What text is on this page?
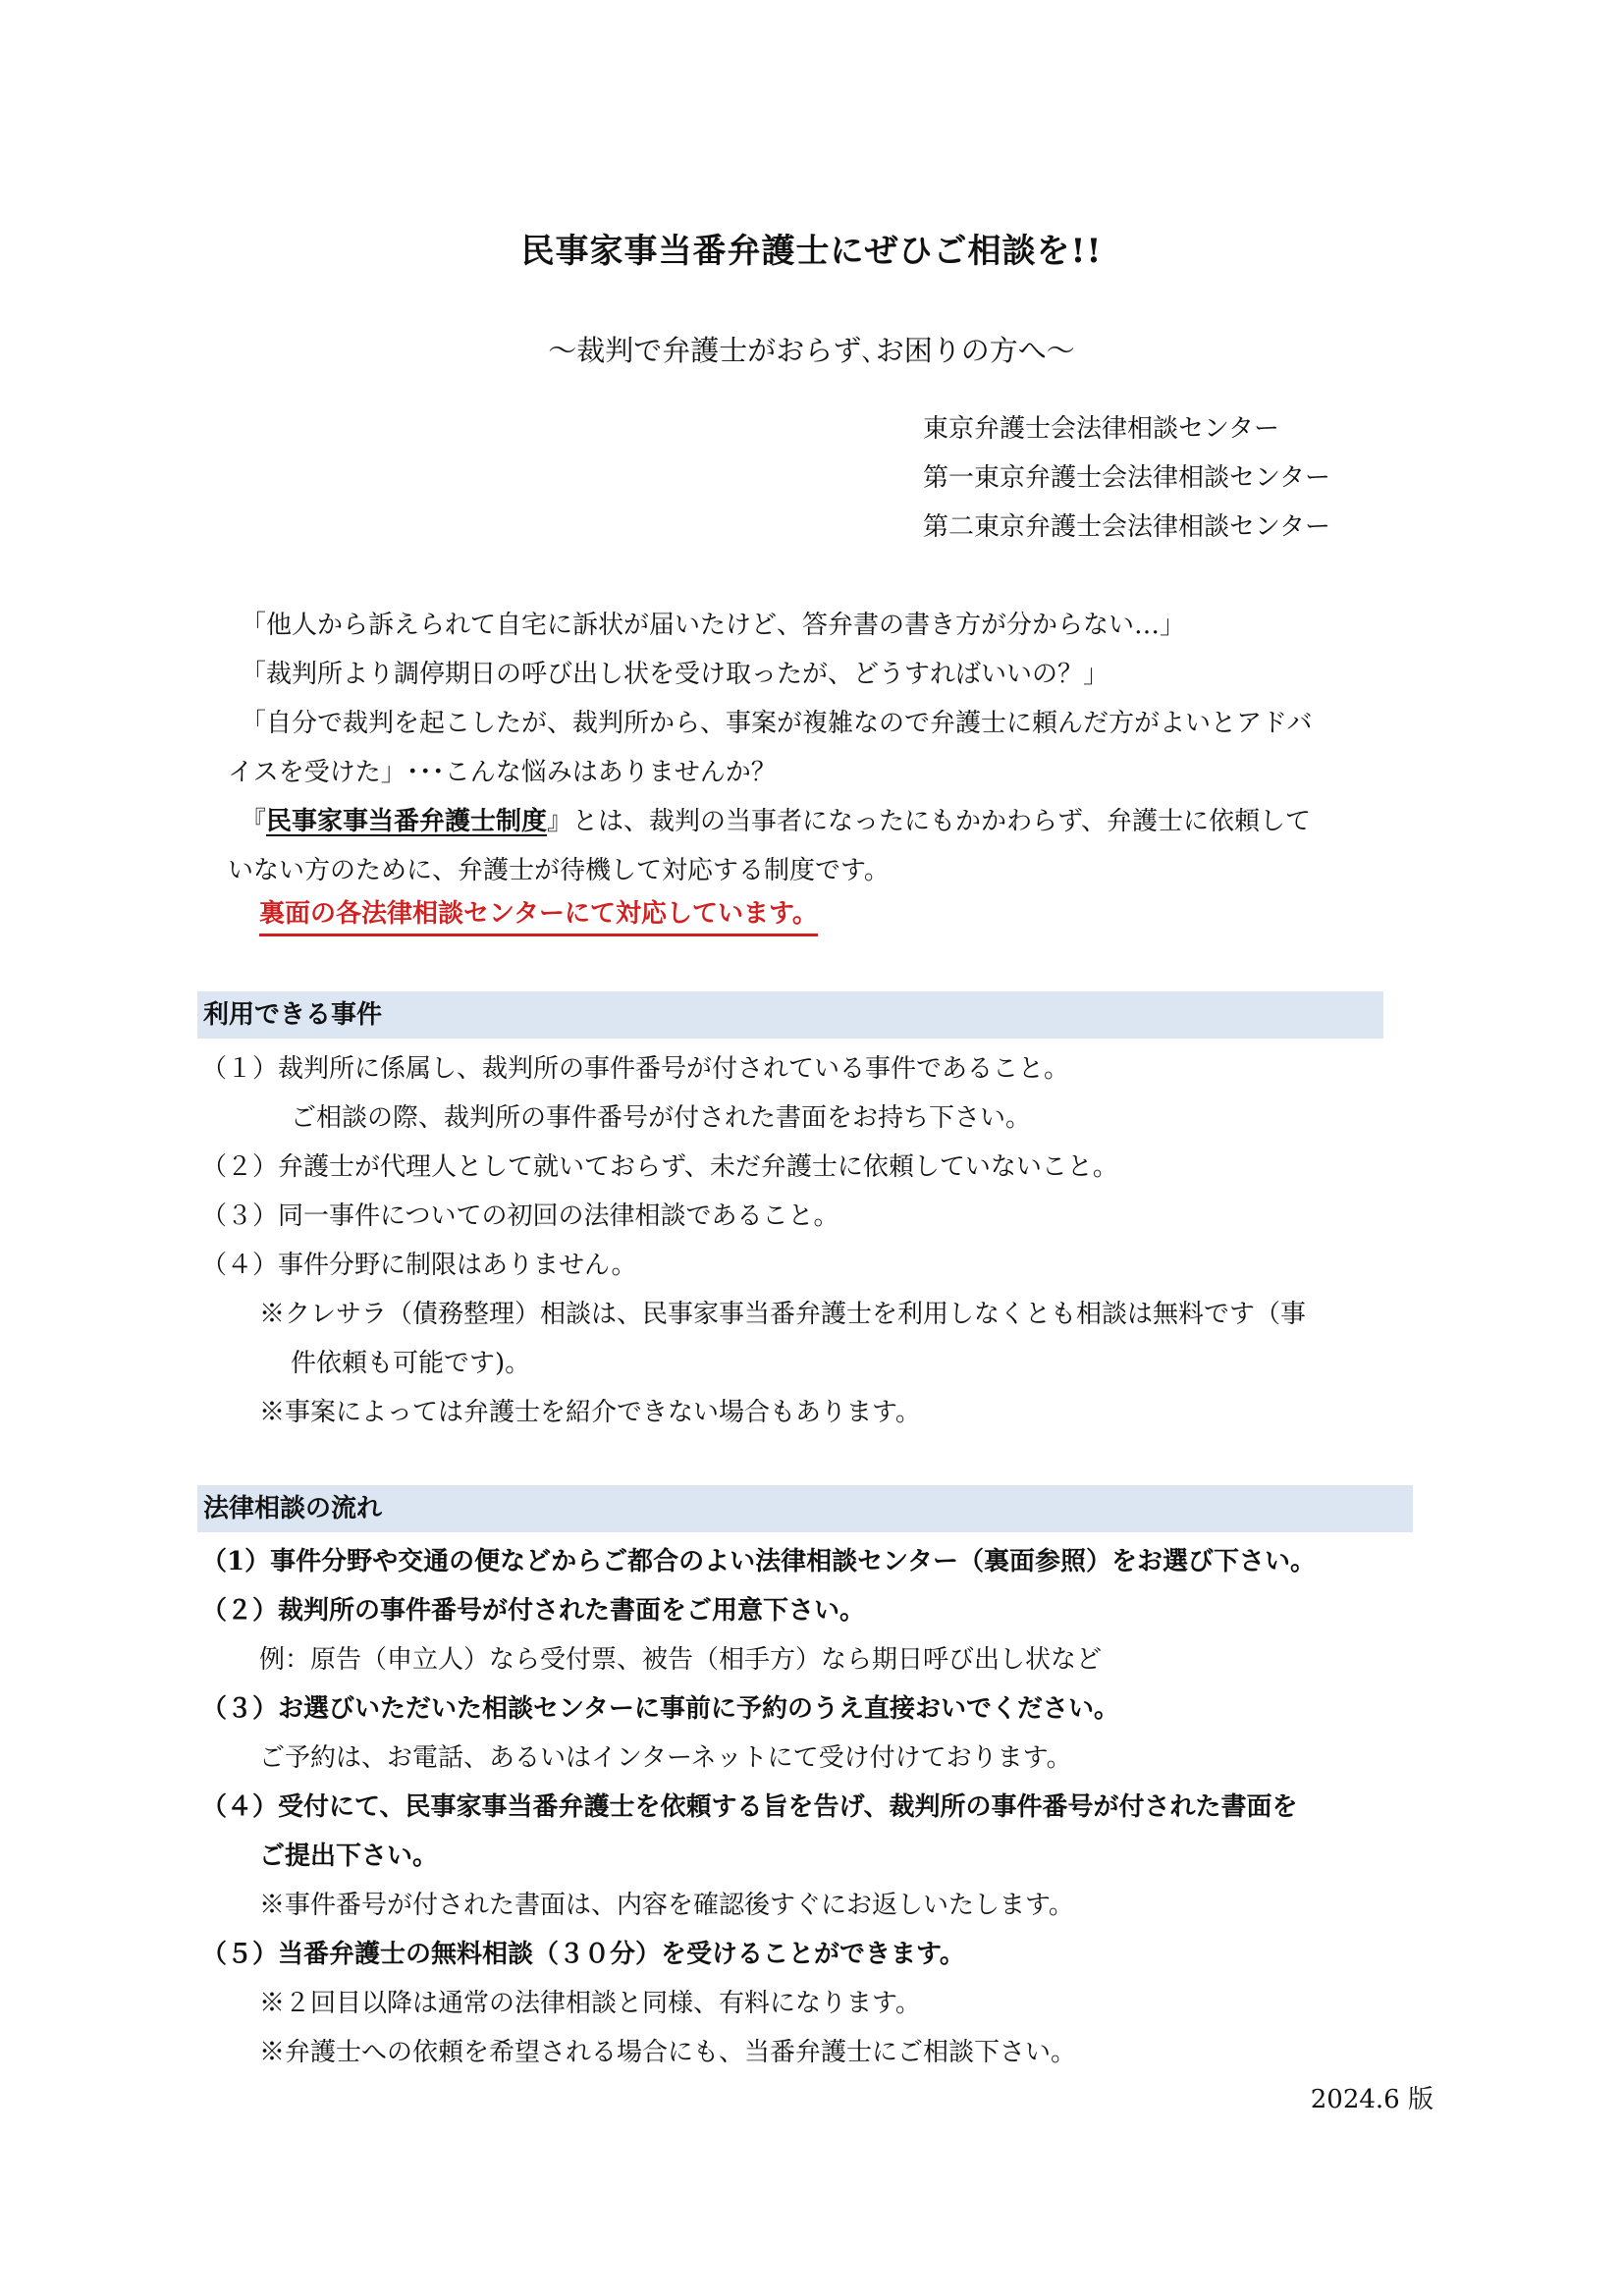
民事家事当番弁護士にぜひご相談を!!
～裁判で弁護士がおらず､お困りの方へ～
東京弁護士会法律相談センター
第一東京弁護士会法律相談センター
第二東京弁護士会法律相談センター
「他人から訴えられて自宅に訴状が届いたけど、答弁書の書き方が分からない…」
「裁判所より調停期日の呼び出し状を受け取ったが、どうすればいいの？」
「自分で裁判を起こしたが、裁判所から、事案が複雑なので弁護士に頼んだ方がよいとアドバ
イスを受けた」･･･こんな悩みはありませんか？
『民事家事当番弁護士制度』とは、裁判の当事者になったにもかかわらず、弁護士に依頼して
いない方のために、弁護士が待機して対応する制度です。
裏面の各法律相談センターにて対応しています。
利用できる事件
（１）裁判所に係属し、裁判所の事件番号が付されている事件であること。
ご相談の際、裁判所の事件番号が付された書面をお持ち下さい。
（２）弁護士が代理人として就いておらず、未だ弁護士に依頼していないこと。
（３）同一事件についての初回の法律相談であること。
（４）事件分野に制限はありません。
※クレサラ（債務整理）相談は、民事家事当番弁護士を利用しなくとも相談は無料です（事
件依頼も可能です)。
※事案によっては弁護士を紹介できない場合もあります。
法律相談の流れ
（1）事件分野や交通の便などからご都合のよい法律相談センター（裏面参照）をお選び下さい。
（２）裁判所の事件番号が付された書面をご用意下さい。
例：原告（申立人）なら受付票、被告（相手方）なら期日呼び出し状など
（３）お選びいただいた相談センターに事前に予約のうえ直接おいでください。
ご予約は、お電話、あるいはインターネットにて受け付けております。
（４）受付にて、民事家事当番弁護士を依頼する旨を告げ、裁判所の事件番号が付された書面を
ご提出下さい。
※事件番号が付された書面は、内容を確認後すぐにお返しいたします。
（５）当番弁護士の無料相談（３０分）を受けることができます。
※２回目以降は通常の法律相談と同様、有料になります。
※弁護士への依頼を希望される場合にも、当番弁護士にご相談下さい。
2024.6 版
